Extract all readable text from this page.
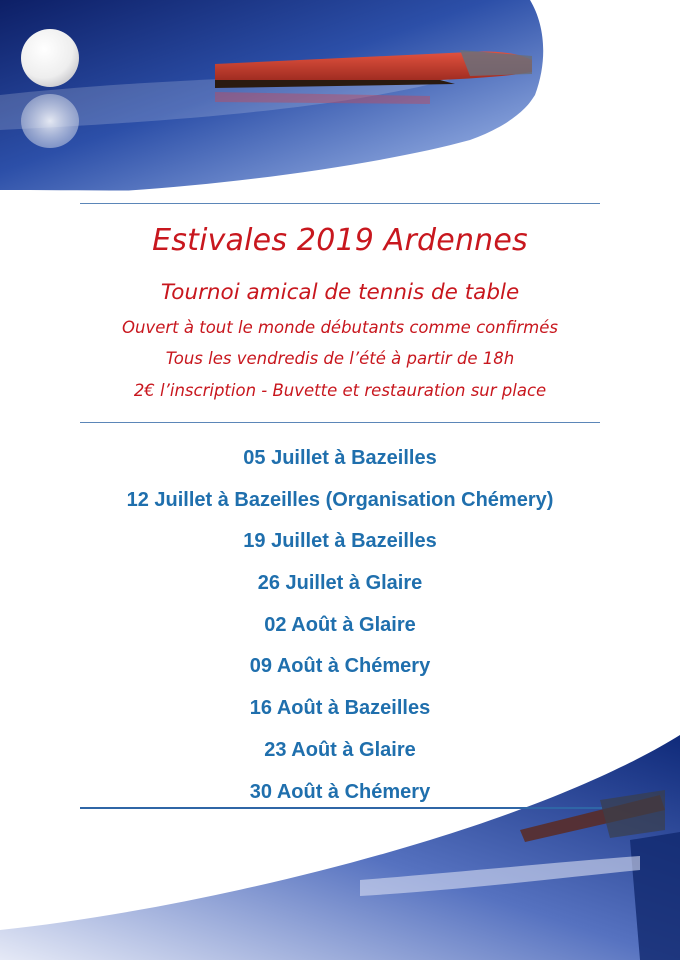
Estivales 2019 Ardennes
Tournoi amical de tennis de table
Ouvert à tout le monde débutants comme confirmés
Tous les vendredis de l’été à partir de 18h
2€ l’inscription - Buvette et restauration sur place
05 Juillet à Bazeilles
12 Juillet à Bazeilles (Organisation Chémery)
19 Juillet à Bazeilles
26 Juillet à Glaire
02 Août à Glaire
09 Août à Chémery
16 Août à Bazeilles
23 Août à Glaire
30 Août à Chémery
